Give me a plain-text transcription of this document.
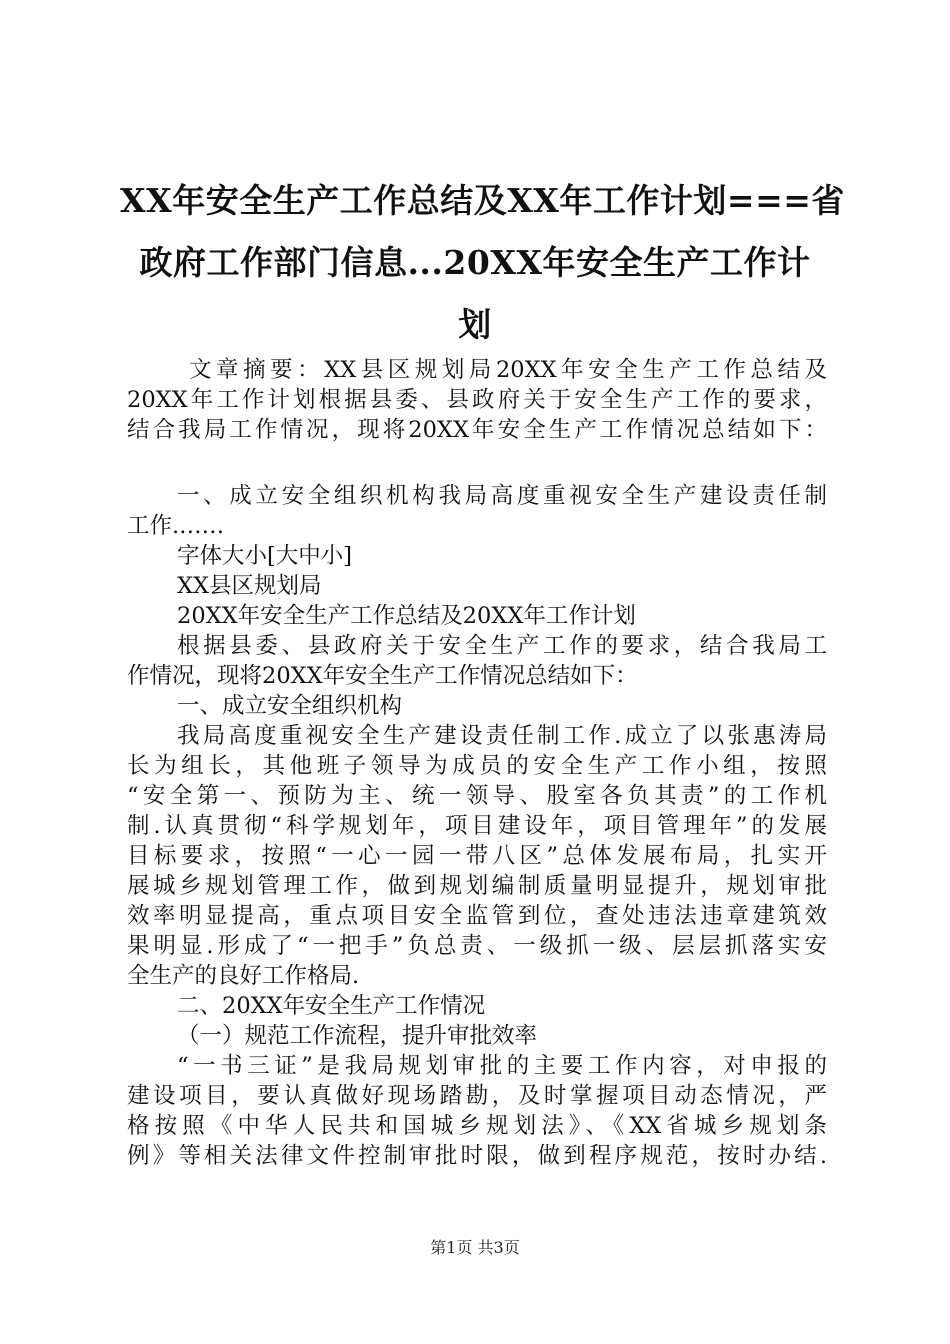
XX年安全生产工作总结及XX年工作计划===省
政府工作部门信息...20XX年安全生产工作计
划

文章摘要：XX县区规划局20XX年安全生产工作总结及
20XX年工作计划根据县委、县政府关于安全生产工作的要求，
结合我局工作情况，现将20XX年安全生产工作情况总结如下：

一、成立安全组织机构我局高度重视安全生产建设责任制
工作.……

字体大小[大中小]

XX县区规划局

20XX年安全生产工作总结及20XX年工作计划

根据县委、县政府关于安全生产工作的要求，结合我局工
作情况，现将20XX年安全生产工作情况总结如下：

一、成立安全组织机构

我局高度重视安全生产建设责任制工作.成立了以张惠涛局
长为组长，其他班子领导为成员的安全生产工作小组，按照
“安全第一、预防为主、统一领导、股室各负其责”的工作机
制.认真贯彻“科学规划年，项目建设年，项目管理年”的发展
目标要求，按照“一心一园一带八区”总体发展布局，扎实开
展城乡规划管理工作，做到规划编制质量明显提升，规划审批
效率明显提高，重点项目安全监管到位，查处违法违章建筑效
果明显.形成了“一把手”负总责、一级抓一级、层层抓落实安
全生产的良好工作格局.

二、20XX年安全生产工作情况

（一）规范工作流程，提升审批效率

“一书三证”是我局规划审批的主要工作内容，对申报的
建设项目，要认真做好现场踏勘，及时掌握项目动态情况，严
格按照《中华人民共和国城乡规划法》、《XX省城乡规划条
例》等相关法律文件控制审批时限，做到程序规范，按时办结.

第1页 共3页
